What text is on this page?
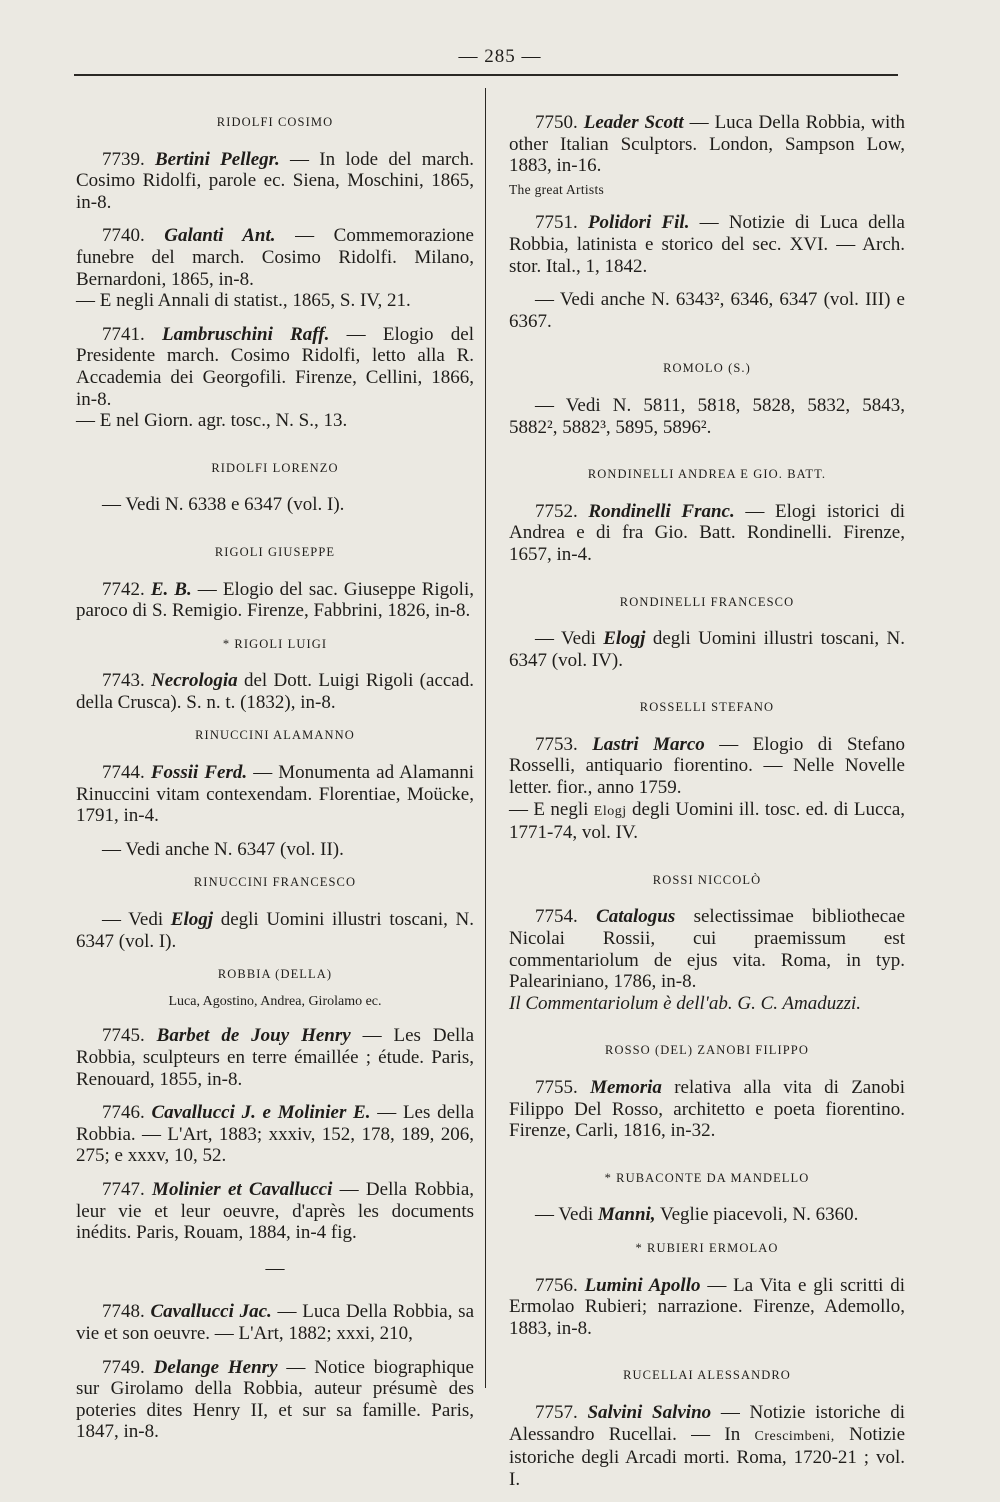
— 285 —
RIDOLFI COSIMO

7739. Bertini Pellegr. — In lode del march. Cosimo Ridolfi, parole ec. Siena, Moschini, 1865, in-8.

7740. Galanti Ant. — Commemorazione funebre del march. Cosimo Ridolfi. Milano, Bernardoni, 1865, in-8.
— E negli Annali di statist., 1865, S. IV, 21.

7741. Lambruschini Raff. — Elogio del Presidente march. Cosimo Ridolfi, letto alla R. Accademia dei Georgofili. Firenze, Cellini, 1866, in-8.
— E nel Giorn. agr. tosc., N. S., 13.

RIDOLFI LORENZO

— Vedi N. 6338 e 6347 (vol. I).

RIGOLI GIUSEPPE

7742. E. B. — Elogio del sac. Giuseppe Rigoli, paroco di S. Remigio. Firenze, Fabbrini, 1826, in-8.

* RIGOLI LUIGI

7743. Necrologia del Dott. Luigi Rigoli (accad. della Crusca). S. n. t. (1832), in-8.

RINUCCINI ALAMANNO

7744. Fossii Ferd. — Monumenta ad Alamanni Rinuccini vitam contexendam. Florentiae, Moücke, 1791, in-4.

— Vedi anche N. 6347 (vol. II).

RINUCCINI FRANCESCO

— Vedi Elogj degli Uomini illustri toscani, N. 6347 (vol. I).

ROBBIA (DELLA)
Luca, Agostino, Andrea, Girolamo ec.

7745. Barbet de Jouy Henry — Les Della Robbia, sculpteurs en terre émaillée ; étude. Paris, Renouard, 1855, in-8.

7746. Cavallucci J. e Molinier E. — Les della Robbia. — L'Art, 1883; xxxiv, 152, 178, 189, 206, 275; e xxxv, 10, 52.

7747. Molinier et Cavallucci — Della Robbia, leur vie et leur oeuvre, d'après les documents inédits. Paris, Rouam, 1884, in-4 fig.

—

7748. Cavallucci Jac. — Luca Della Robbia, sa vie et son oeuvre. — L'Art, 1882; xxxi, 210,

7749. Delange Henry — Notice biographique sur Girolamo della Robbia, auteur présumè des poteries dites Henry II, et sur sa famille. Paris, 1847, in-8.

7750. Leader Scott — Luca Della Robbia, with other Italian Sculptors. London, Sampson Low, 1883, in-16.

The great Artists

7751. Polidori Fil. — Notizie di Luca della Robbia, latinista e storico del sec. XVI. — Arch. stor. Ital., 1, 1842.

— Vedi anche N. 6343², 6346, 6347 (vol. III) e 6367.

ROMOLO (S.)

— Vedi N. 5811, 5818, 5828, 5832, 5843, 5882², 5882³, 5895, 5896².

RONDINELLI ANDREA E GIO. BATT.

7752. Rondinelli Franc. — Elogi istorici di Andrea e di fra Gio. Batt. Rondinelli. Firenze, 1657, in-4.

RONDINELLI FRANCESCO

— Vedi Elogj degli Uomini illustri toscani, N. 6347 (vol. IV).

ROSSELLI STEFANO

7753. Lastri Marco — Elogio di Stefano Rosselli, antiquario fiorentino. — Nelle Novelle letter. fior., anno 1759.
— E negli Elogj degli Uomini ill. tosc. ed. di Lucca, 1771-74, vol. IV.

ROSSI NICCOLÒ

7754. Catalogus selectissimae bibliothecae Nicolai Rossii, cui praemissum est commentariolum de ejus vita. Roma, in typ. Paleariniano, 1786, in-8.
Il Commentariolum è dell'ab. G. C. Amaduzzi.

ROSSO (DEL) ZANOBI FILIPPO

7755. Memoria relativa alla vita di Zanobi Filippo Del Rosso, architetto e poeta fiorentino. Firenze, Carli, 1816, in-32.

* RUBACONTE DA MANDELLO

— Vedi Manni, Veglie piacevoli, N. 6360.

* RUBIERI ERMOLAO

7756. Lumini Apollo — La Vita e gli scritti di Ermolao Rubieri; narrazione. Firenze, Ademollo, 1883, in-8.

RUCELLAI ALESSANDRO

7757. Salvini Salvino — Notizie istoriche di Alessandro Rucellai. — In Crescimbeni, Notizie istoriche degli Arcadi morti. Roma, 1720-21 ; vol. I.
